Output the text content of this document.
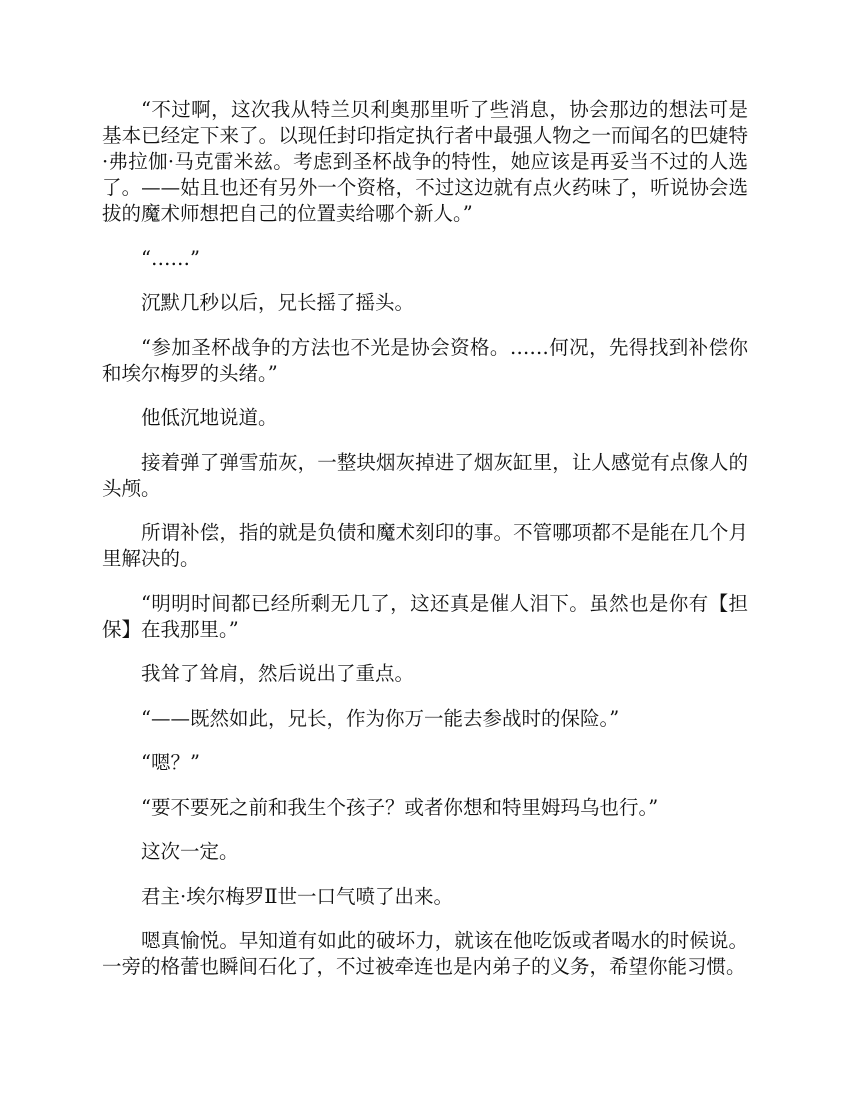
“不过啊，这次我从特兰贝利奥那里听了些消息，协会那边的想法可是基本已经定下来了。以现任封印指定执行者中最强人物之一而闻名的巴婕特·弗拉伽·马克雷米兹。考虑到圣杯战争的特性，她应该是再妥当不过的人选了。——姑且也还有另外一个资格，不过这边就有点火药味了，听说协会选拔的魔术师想把自己的位置卖给哪个新人。”

“……”

沉默几秒以后，兄长摇了摇头。

“参加圣杯战争的方法也不光是协会资格。……何况，先得找到补偿你和埃尔梅罗的头绪。”

他低沉地说道。

接着弹了弹雪茄灰，一整块烟灰掉进了烟灰缸里，让人感觉有点像人的头颅。

所谓补偿，指的就是负债和魔术刻印的事。不管哪项都不是能在几个月里解决的。

“明明时间都已经所剩无几了，这还真是催人泪下。虽然也是你有【担保】在我那里。”

我耸了耸肩，然后说出了重点。

“——既然如此，兄长，作为你万一能去参战时的保险。”

“嗯？”

“要不要死之前和我生个孩子？或者你想和特里姆玛乌也行。”

这次一定。

君主·埃尔梅罗Ⅱ世一口气喷了出来。

嗯真愉悦。早知道有如此的破坏力，就该在他吃饭或者喝水的时候说。一旁的格蕾也瞬间石化了，不过被牵连也是内弟子的义务，希望你能习惯。
